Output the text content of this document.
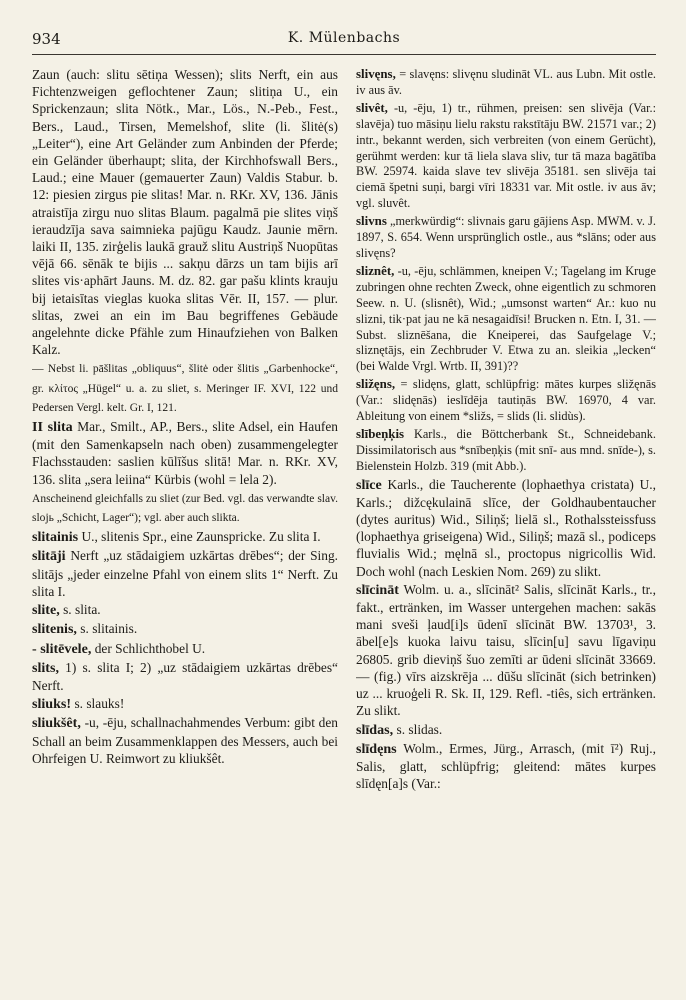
934	K. Mülenbachs

Zaun (auch: slitu sētiņa Wessen); slits Nerft, ein aus Fichtenzweigen geflochtener Zaun; slitiņa U., ein Sprickenzaun; slita Nötk., Mar., Lös., N.-Peb., Fest., Bers., Laud., Tirsen, Memelshof, slite (li. šlitė(s) „Leiter“), eine Art Geländer zum Anbinden der Pferde; ein Geländer überhaupt; slita, der Kirchhofswall Bers., Laud.; eine Mauer (gemauerter Zaun) Valdis Stabur. b. 12: piesien zirgus pie slitas! Mar. n. RKr. XV, 136. Jānis atraistīja zirgu nuo slitas Blaum. pagalmā pie slites viņš ieraudzīja sava saimnieka pajūgu Kaudz. Jaunie mērn. laiki II, 135. zirģelis laukā grauž slitu Austriņš Nuopūtas vējā 66. sēnāk te bijis ... sakņu dārzs un tam bijis arī slites vis·aphārt Jauns. M. dz. 82. gar pašu klints krauju bij ietaisītas vieglas kuoka slitas Vēr. II, 157. — plur. slitas, zwei an ein im Bau begriffenes Gebäude angelehnte dicke Pfähle zum Hinaufziehen von Balken Kalz.

— Nebst li. pāšlitas „obliquus“, šlitė oder šlitis „Garbenhocke“, gr. κλίτος „Hügel“ u. a. zu sliet, s. Meringer IF. XVI, 122 und Pedersen Vergl. kelt. Gr. I, 121.

II slita Mar., Smilt., AP., Bers., slite Adsel, ein Haufen (mit den Samenkapseln nach oben) zusammengelegter Flachsstauden: saslien kūlīšus slitā! Mar. n. RKr. XV, 136. slita „sera leiina“ Kürbis (wohl = lela 2).

Anscheinend gleichfalls zu sliet (zur Bed. vgl. das verwandte slav. slojь „Schicht, Lager“); vgl. aber auch slikta.

slitainis U., slitenis Spr., eine Zaunspricke. Zu slita I.

slitāji Nerft „uz stādaigiem uzkārtas drēbes“; der Sing. slitājs „jeder einzelne Pfahl von einem slits 1“ Nerft. Zu slita I.

slite, s. slita.

slitenis, s. slitainis.

- slitēvele, der Schlichthobel U.

slits, 1) s. slita I; 2) „uz stādaigiem uzkārtas drēbes“ Nerft.

sliuks! s. slauks!

sliukšêt, -u, -ēju, schallnachahmendes Verbum: gibt den Schall an beim Zusammenklappen des Messers, auch bei Ohrfeigen U. Reimwort zu kliukšêt.

slivęns, = slavęns: slivęnu sludināt VL. aus Lubn. Mit ostle. iv aus āv.

slivêt, -u, -ēju, 1) tr., rühmen, preisen: sen slivēja (Var.: slavēja) tuo māsiņu lielu rakstu rakstītāju BW. 21571 var.; 2) intr., bekannt werden, sich verbreiten (von einem Gerücht), gerühmt werden: kur tā liela slava sliv, tur tā maza bagātība BW. 25974. kaida slave tev slivēja 35181. sen slivēja tai ciemā špetni suņi, bargi vīri 18331 var. Mit ostle. iv aus āv; vgl. sluvêt.

slivns „merkwürdig“: slivnais garu gājiens Asp. MWM. v. J. 1897, S. 654. Wenn ursprünglich ostle., aus *slāns; oder aus slivęns?

sliznêt, -u, -ēju, schlämmen, kneipen V.; Tagelang im Kruge zubringen ohne rechten Zweck, ohne eigentlich zu schmoren Seew. n. U. (slisnêt), Wid.; „umsonst warten“ Ar.: kuo nu slizni, tik·pat jau ne kā nesagaidīsi! Brucken n. Etn. I, 31. — Subst. sliznēšana, die Kneiperei, das Saufgelage V.; sliznętājs, ein Zechbruder V. Etwa zu an. sleikia „lecken“ (bei Walde Vrgl. Wrtb. II, 391)??

sližęns, = slidęns, glatt, schlüpfrig: mātes kurpes sližęnās (Var.: slidęnās) ieslīdēja tautiņās BW. 16970, 4 var. Ableitung von einem *sližs, = slids (li. slidùs).

slībeņķis Karls., die Böttcherbank St., Schneidebank. Dissimilatorisch aus *snībeņķis (mit snī- aus mnd. snīde-), s. Bielenstein Holzb. 319 (mit Abb.).

slīce Karls., die Taucherente (lophaethya cristata) U., Karls.; dižcękulainā slīce, der Goldhaubentaucher (dytes auritus) Wid., Siliņš; lielā sl., Rothalssteissfuss (lophaethya griseigena) Wid., Siliņš; mazā sl., podiceps fluvialis Wid.; męlnā sl., proctopus nigricollis Wid. Doch wohl (nach Leskien Nom. 269) zu slikt.

slīcināt Wolm. u. a., slīcināt² Salis, slīcināt Karls., tr., fakt., ertränken, im Wasser untergehen machen: sakās mani sveši ļaud[i]s ūdenī slīcināt BW. 13703¹, 3. ābel[e]s kuoka laivu taisu, slīcin[u] savu līgaviņu 26805. grib dieviņš šuo zemīti ar ūdeni slīcināt 33669. — (fig.) vīrs aizskrēja ... dūšu slīcināt (sich betrinken) uz ... kruoģeli R. Sk. II, 129. Refl. -tiês, sich ertränken. Zu slikt.

slīdas, s. slidas.

slīdęns Wolm., Ermes, Jürg., Arrasch, (mit ī²) Ruj., Salis, glatt, schlüpfrig; gleitend: mātes kurpes slīdęn[a]s (Var.:
